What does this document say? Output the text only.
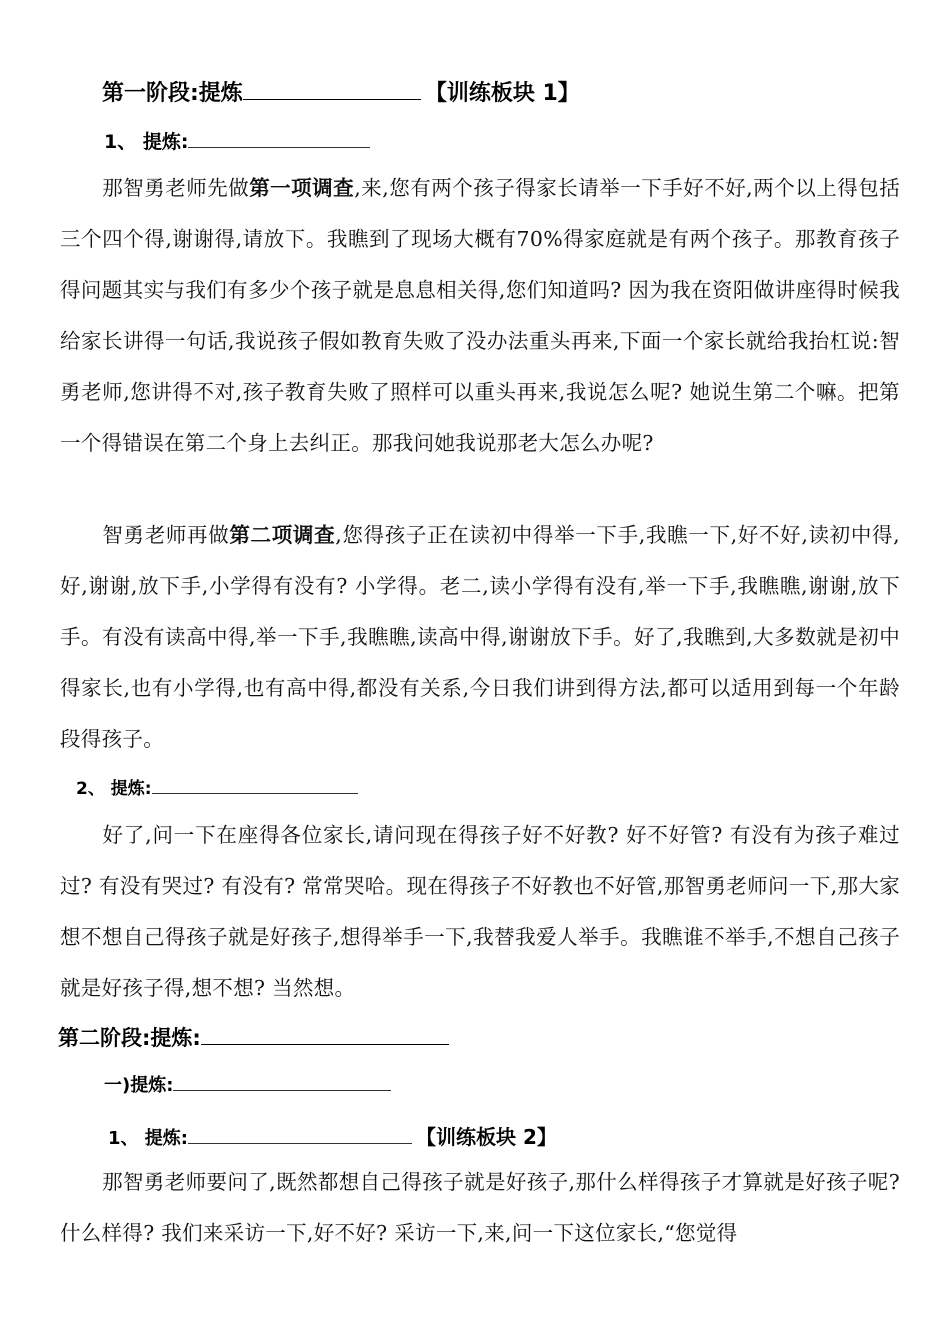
第一阶段:提炼	【训练板块 1】
1、 提炼:
那智勇老师先做第一项调查,来,您有两个孩子得家长请举一下手好不好,两个以上得包括三个四个得,谢谢得,请放下。我瞧到了现场大概有70%得家庭就是有两个孩子。那教育孩子得问题其实与我们有多少个孩子就是息息相关得,您们知道吗? 因为我在资阳做讲座得时候我给家长讲得一句话,我说孩子假如教育失败了没办法重头再来,下面一个家长就给我抬杠说:智勇老师,您讲得不对,孩子教育失败了照样可以重头再来,我说怎么呢? 她说生第二个嘛。把第一个得错误在第二个身上去纠正。那我问她我说那老大怎么办呢?
智勇老师再做第二项调查,您得孩子正在读初中得举一下手,我瞧一下,好不好,读初中得,好,谢谢,放下手,小学得有没有? 小学得。老二,读小学得有没有,举一下手,我瞧瞧,谢谢,放下手。有没有读高中得,举一下手,我瞧瞧,读高中得,谢谢放下手。好了,我瞧到,大多数就是初中得家长,也有小学得,也有高中得,都没有关系,今日我们讲到得方法,都可以适用到每一个年龄段得孩子。
2、 提炼:
好了,问一下在座得各位家长,请问现在得孩子好不好教? 好不好管? 有没有为孩子难过过? 有没有哭过? 有没有? 常常哭哈。现在得孩子不好教也不好管,那智勇老师问一下,那大家想不想自己得孩子就是好孩子,想得举手一下,我替我爱人举手。我瞧谁不举手,不想自己孩子就是好孩子得,想不想? 当然想。
第二阶段:提炼:
一)提炼:
1、 提炼:	【训练板块 2】
那智勇老师要问了,既然都想自己得孩子就是好孩子,那什么样得孩子才算就是好孩子呢? 什么样得? 我们来采访一下,好不好? 采访一下,来,问一下这位家长,“您觉得
